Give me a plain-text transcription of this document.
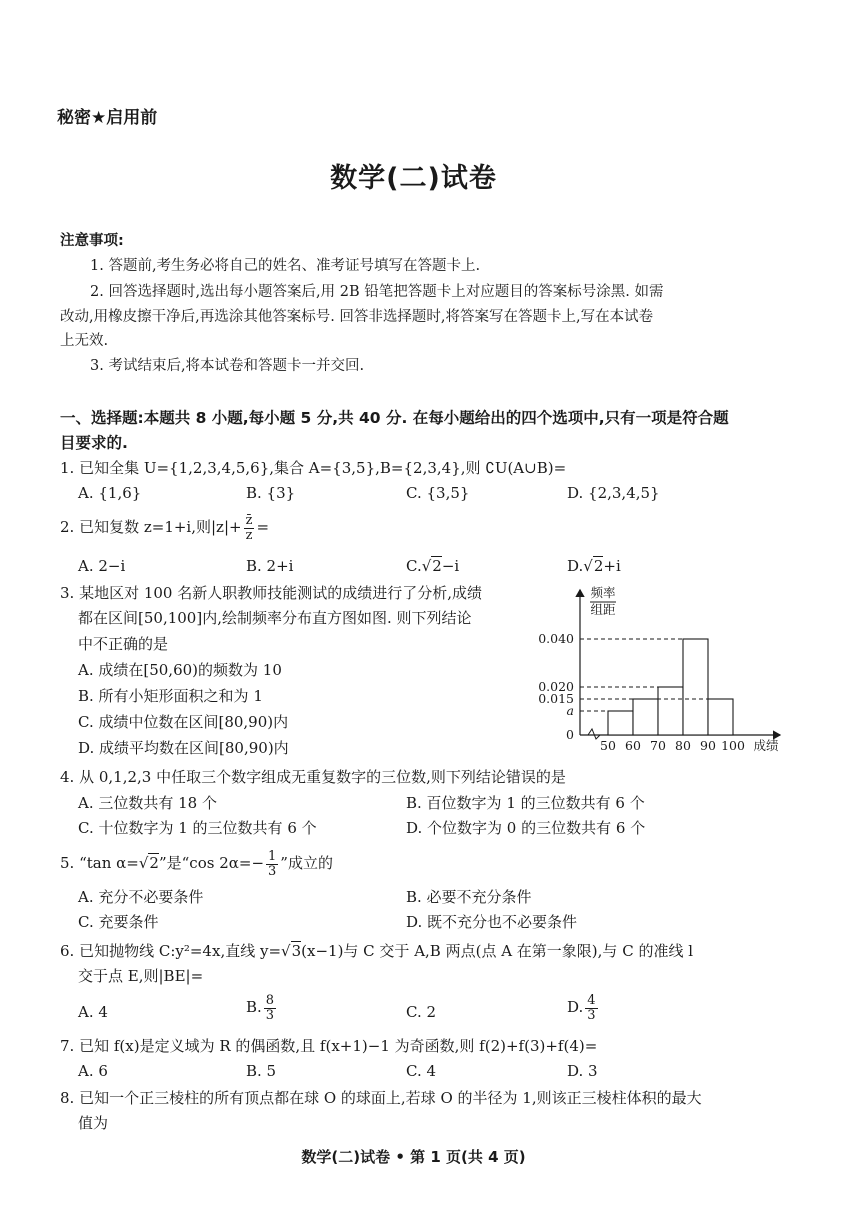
秘密★启用前
数学(二)试卷
注意事项:
1. 答题前,考生务必将自己的姓名、准考证号填写在答题卡上.
2. 回答选择题时,选出每小题答案后,用 2B 铅笔把答题卡上对应题目的答案标号涂黑. 如需
改动,用橡皮擦干净后,再选涂其他答案标号. 回答非选择题时,将答案写在答题卡上,写在本试卷
上无效.
3. 考试结束后,将本试卷和答题卡一并交回.
一、选择题:本题共 8 小题,每小题 5 分,共 40 分. 在每小题给出的四个选项中,只有一项是符合题
目要求的.
1. 已知全集 U={1,2,3,4,5,6},集合 A={3,5},B={2,3,4},则 ∁U(A∪B)=
A. {1,6}	B. {3}	C. {3,5}	D. {2,3,4,5}
2. 已知复数 z=1+i,则$|z|+ \frac{z̄}{z}$ =
A. 2−i	B. 2+i	C.√2−i	D.√2+i
3. 某地区对 100 名新人职教师技能测试的成绩进行了分析,成绩
都在区间[50,100]内,绘制频率分布直方图如图. 则下列结论
中不正确的是
A. 成绩在[50,60)的频数为 10
B. 所有小矩形面积之和为 1
C. 成绩中位数在区间[80,90)内
D. 成绩平均数在区间[80,90)内
频率
组距
a
0.015
0.020
0.040
0
50 60 70 80 90 100 成绩
4. 从 0,1,2,3 中任取三个数字组成无重复数字的三位数,则下列结论错误的是
A. 三位数共有 18 个	B. 百位数字为 1 的三位数共有 6 个
C. 十位数字为 1 的三位数共有 6 个	D. 个位数字为 0 的三位数共有 6 个
5. “tan α=√2”是“cos $2\alpha=- \frac{1}{3}$ ”成立的
A. 充分不必要条件	B. 必要不充分条件
C. 充要条件	D. 既不充分也不必要条件
6. 已知抛物线 C:y²=4x,直线 y=√3(x−1)与 C 交于 A,B 两点(点 A 在第一象限),与 C 的准线 l
交于点 E,则|BE|=
A. 4	B. $\frac{8}{3}$	C. 2	D. $\frac{4}{3}$
7. 已知 f(x)是定义域为 R 的偶函数,且 f(x+1)−1 为奇函数,则 f(2)+f(3)+f(4)=
A. 6	B. 5	C. 4	D. 3
8. 已知一个正三棱柱的所有顶点都在球 O 的球面上,若球 O 的半径为 1,则该正三棱柱体积的最大
值为
数学(二)试卷 • 第 1 页(共 4 页)
